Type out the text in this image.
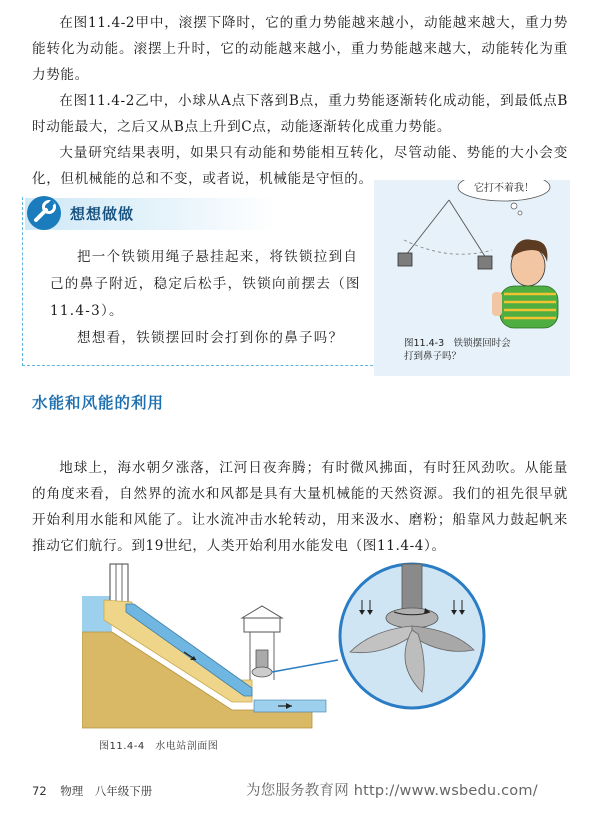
在图11.4-2甲中，滚摆下降时，它的重力势能越来越小，动能越来越大，重力势能转化为动能。滚摆上升时，它的动能越来越小，重力势能越来越大，动能转化为重力势能。

在图11.4-2乙中，小球从A点下落到B点，重力势能逐渐转化成动能，到最低点B时动能最大，之后又从B点上升到C点，动能逐渐转化成重力势能。

大量研究结果表明，如果只有动能和势能相互转化，尽管动能、势能的大小会变化，但机械能的总和不变，或者说，机械能是守恒的。

想想做做

把一个铁锁用绳子悬挂起来，将铁锁拉到自己的鼻子附近，稳定后松手，铁锁向前摆去（图11.4-3）。

想想看，铁锁摆回时会打到你的鼻子吗？

它打不着我！

图11.4-3　铁锁摆回时会打到鼻子吗？

水能和风能的利用

地球上，海水朝夕涨落，江河日夜奔腾；有时微风拂面，有时狂风劲吹。从能量的角度来看，自然界的流水和风都是具有大量机械能的天然资源。我们的祖先很早就开始利用水能和风能了。让水流冲击水轮转动，用来汲水、磨粉；船靠风力鼓起帆来推动它们航行。到19世纪，人类开始利用水能发电（图11.4-4）。

图11.4-4　水电站剖面图

72 物理　八年级下册	为您服务教育网 http://www.wsbedu.com/
